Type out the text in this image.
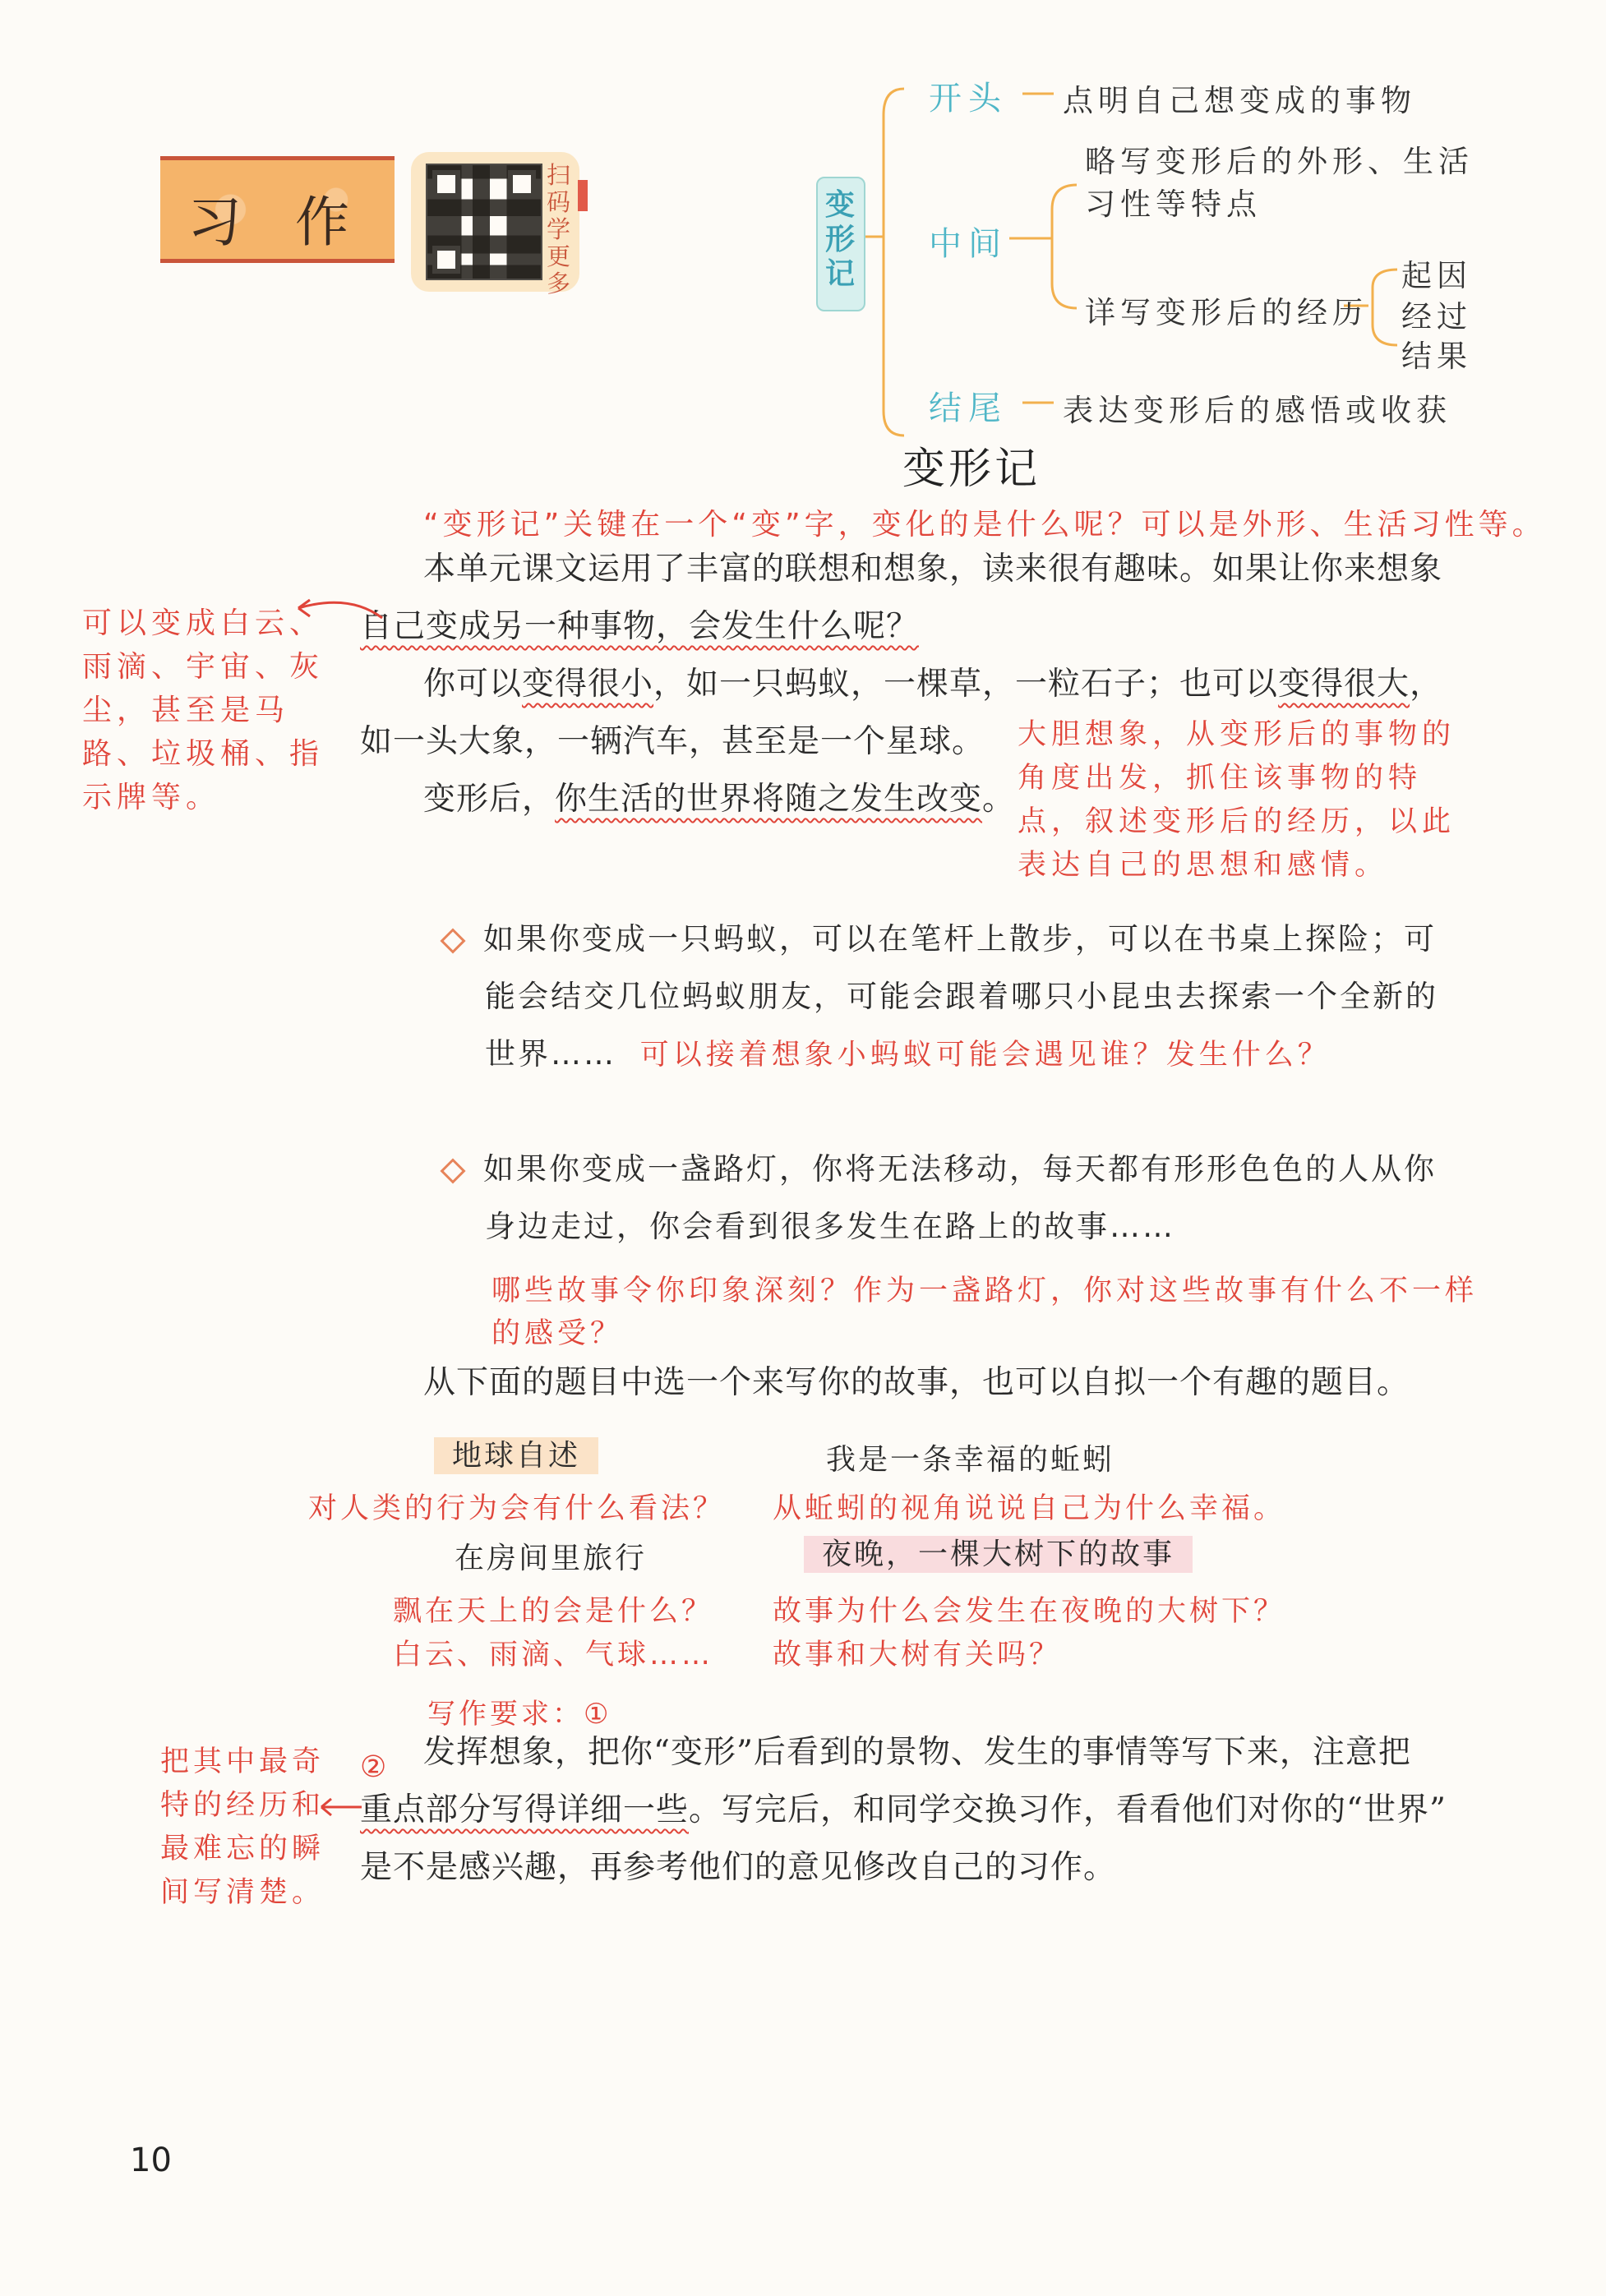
习 作
扫码学更多
变形记
开头 点明自己想变成的事物
中间
略写变形后的外形、生活
习性等特点
详写变形后的经历
起因
经过
结果
结尾 表达变形后的感悟或收获
变形记
“变形记”关键在一个“变”字，变化的是什么呢？可以是外形、生活习性等。
本单元课文运用了丰富的联想和想象，读来很有趣味。如果让你来想象
自己变成另一种事物，会发生什么呢？
可以变成白云、
雨滴、宇宙、灰
尘，甚至是马
路、垃圾桶、指
示牌等。
你可以变得很小，如一只蚂蚁，一棵草，一粒石子；也可以变得很大，
如一头大象，一辆汽车，甚至是一个星球。
变形后，你生活的世界将随之发生改变。
大胆想象，从变形后的事物的
角度出发，抓住该事物的特
点，叙述变形后的经历，以此
表达自己的思想和感情。
如果你变成一只蚂蚁，可以在笔杆上散步，可以在书桌上探险；可
能会结交几位蚂蚁朋友，可能会跟着哪只小昆虫去探索一个全新的
世界…… 可以接着想象小蚂蚁可能会遇见谁？发生什么？
如果你变成一盏路灯，你将无法移动，每天都有形形色色的人从你
身边走过，你会看到很多发生在路上的故事……
哪些故事令你印象深刻？作为一盏路灯，你对这些故事有什么不一样
的感受？
从下面的题目中选一个来写你的故事，也可以自拟一个有趣的题目。
地球自述
对人类的行为会有什么看法？
我是一条幸福的蚯蚓
从蚯蚓的视角说说自己为什么幸福。
在房间里旅行
飘在天上的会是什么？
白云、雨滴、气球……
夜晚，一棵大树下的故事
故事为什么会发生在夜晚的大树下？
故事和大树有关吗？
写作要求：①
发挥想象，把你“变形”后看到的景物、发生的事情等写下来，注意把
重点部分写得详细一些。写完后，和同学交换习作，看看他们对你的“世界”
是不是感兴趣，再参考他们的意见修改自己的习作。
②
把其中最奇
特的经历和
最难忘的瞬
间写清楚。
10
